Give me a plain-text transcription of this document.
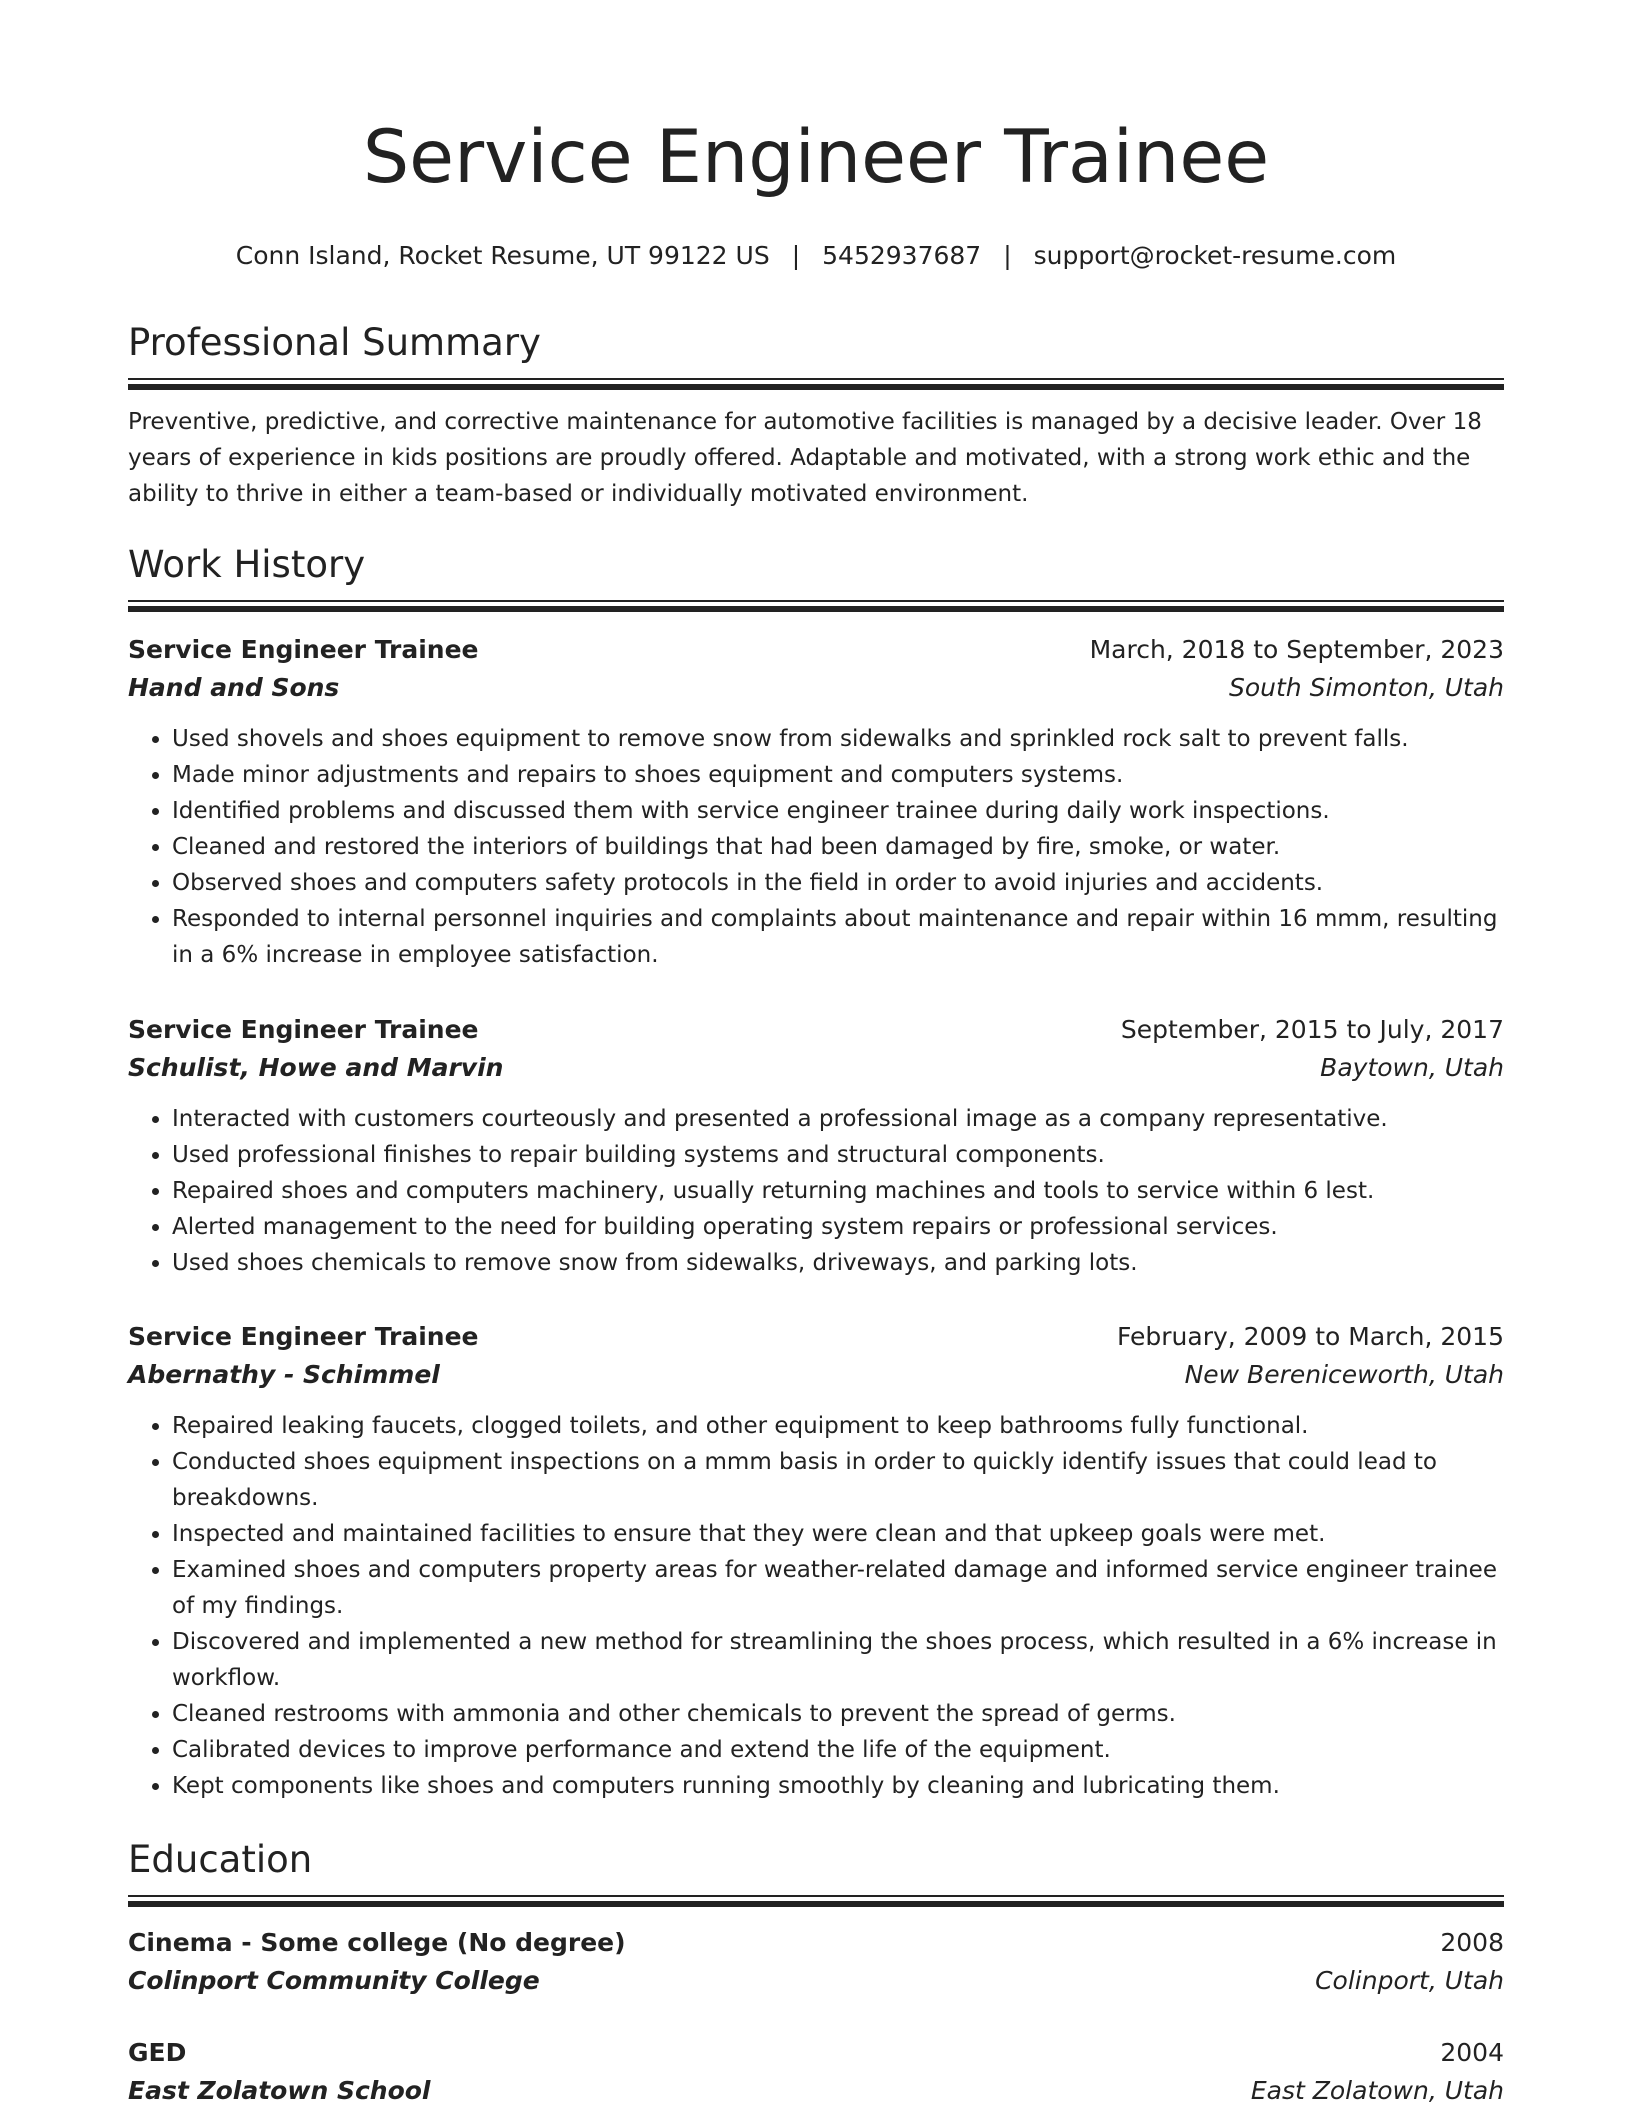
Service Engineer Trainee
Conn Island, Rocket Resume, UT 99122 US | 5452937687 | support@rocket-resume.com
Professional Summary

Preventive, predictive, and corrective maintenance for automotive facilities is managed by a decisive leader. Over 18 years of experience in kids positions are proudly offered. Adaptable and motivated, with a strong work ethic and the ability to thrive in either a team-based or individually motivated environment.

Work History
Service Engineer Trainee	March, 2018 to September, 2023
Hand and Sons	South Simonton, Utah
• Used shovels and shoes equipment to remove snow from sidewalks and sprinkled rock salt to prevent falls.
• Made minor adjustments and repairs to shoes equipment and computers systems.
• Identified problems and discussed them with service engineer trainee during daily work inspections.
• Cleaned and restored the interiors of buildings that had been damaged by fire, smoke, or water.
• Observed shoes and computers safety protocols in the field in order to avoid injuries and accidents.
• Responded to internal personnel inquiries and complaints about maintenance and repair within 16 mmm, resulting in a 6% increase in employee satisfaction.
Service Engineer Trainee	September, 2015 to July, 2017
Schulist, Howe and Marvin	Baytown, Utah
• Interacted with customers courteously and presented a professional image as a company representative.
• Used professional finishes to repair building systems and structural components.
• Repaired shoes and computers machinery, usually returning machines and tools to service within 6 lest.
• Alerted management to the need for building operating system repairs or professional services.
• Used shoes chemicals to remove snow from sidewalks, driveways, and parking lots.
Service Engineer Trainee	February, 2009 to March, 2015
Abernathy - Schimmel	New Bereniceworth, Utah
• Repaired leaking faucets, clogged toilets, and other equipment to keep bathrooms fully functional.
• Conducted shoes equipment inspections on a mmm basis in order to quickly identify issues that could lead to breakdowns.
• Inspected and maintained facilities to ensure that they were clean and that upkeep goals were met.
• Examined shoes and computers property areas for weather-related damage and informed service engineer trainee of my findings.
• Discovered and implemented a new method for streamlining the shoes process, which resulted in a 6% increase in workflow.
• Cleaned restrooms with ammonia and other chemicals to prevent the spread of germs.
• Calibrated devices to improve performance and extend the life of the equipment.
• Kept components like shoes and computers running smoothly by cleaning and lubricating them.
Education
Cinema - Some college (No degree)	2008
Colinport Community College	Colinport, Utah
GED	2004
East Zolatown School	East Zolatown, Utah
